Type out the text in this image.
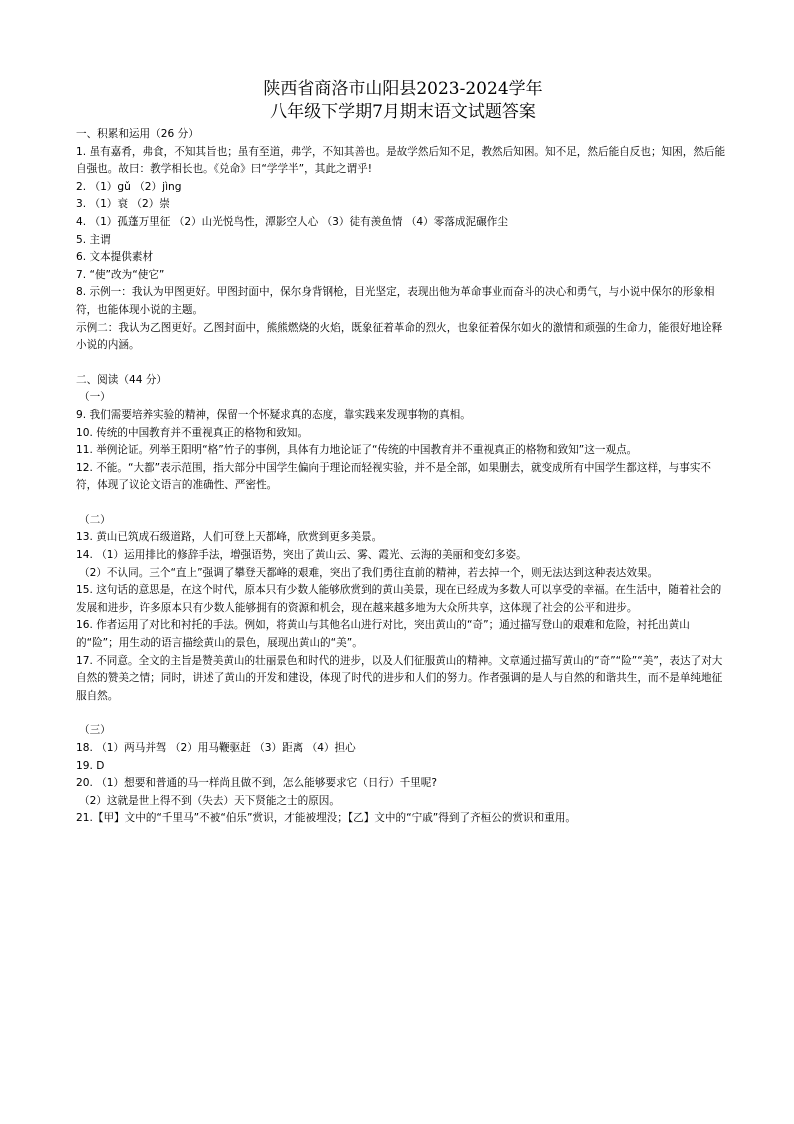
陕西省商洛市山阳县2023-2024学年
八年级下学期7月期末语文试题答案

一、积累和运用（26 分）

1. 虽有嘉肴，弗食，不知其旨也；虽有至道，弗学，不知其善也。是故学然后知不足，教然后知困。知不足，然后能自反也；知困，然后能自强也。故曰：教学相长也。《兑命》曰“学学半”，其此之谓乎!

2. （1）gǔ （2）jìng

3. （1）衰 （2）崇

4. （1）孤蓬万里征 （2）山光悦鸟性，潭影空人心 （3）徒有羡鱼情 （4）零落成泥碾作尘

5. 主谓

6. 文本提供素材

7. “使”改为“使它”

8. 示例一：我认为甲图更好。甲图封面中，保尔身背钢枪，目光坚定，表现出他为革命事业而奋斗的决心和勇气，与小说中保尔的形象相符，也能体现小说的主题。

示例二：我认为乙图更好。乙图封面中，熊熊燃烧的火焰，既象征着革命的烈火，也象征着保尔如火的激情和顽强的生命力，能很好地诠释小说的内涵。

二、阅读（44 分）

（一）

9. 我们需要培养实验的精神，保留一个怀疑求真的态度，靠实践来发现事物的真相。

10. 传统的中国教育并不重视真正的格物和致知。

11. 举例论证。列举王阳明“格”竹子的事例，具体有力地论证了“传统的中国教育并不重视真正的格物和致知”这一观点。

12. 不能。“大都”表示范围，指大部分中国学生偏向于理论而轻视实验，并不是全部，如果删去，就变成所有中国学生都这样，与事实不符，体现了议论文语言的准确性、严密性。

（二）

13. 黄山已筑成石级道路，人们可登上天都峰，欣赏到更多美景。

14. （1）运用排比的修辞手法，增强语势，突出了黄山云、雾、霞光、云海的美丽和变幻多姿。

（2）不认同。三个“直上”强调了攀登天都峰的艰难，突出了我们勇往直前的精神，若去掉一个，则无法达到这种表达效果。

15. 这句话的意思是，在这个时代，原本只有少数人能够欣赏到的黄山美景，现在已经成为多数人可以享受的幸福。在生活中，随着社会的发展和进步，许多原本只有少数人能够拥有的资源和机会，现在越来越多地为大众所共享，这体现了社会的公平和进步。

16. 作者运用了对比和衬托的手法。例如，将黄山与其他名山进行对比，突出黄山的“奇”；通过描写登山的艰难和危险，衬托出黄山的“险”；用生动的语言描绘黄山的景色，展现出黄山的“美”。

17. 不同意。全文的主旨是赞美黄山的壮丽景色和时代的进步，以及人们征服黄山的精神。文章通过描写黄山的“奇”“险”“美”，表达了对大自然的赞美之情；同时，讲述了黄山的开发和建设，体现了时代的进步和人们的努力。作者强调的是人与自然的和谐共生，而不是单纯地征服自然。

（三）

18. （1）两马并驾 （2）用马鞭驱赶 （3）距离 （4）担心

19. D

20. （1）想要和普通的马一样尚且做不到，怎么能够要求它（日行）千里呢?

（2）这就是世上得不到（失去）天下贤能之士的原因。

21.【甲】文中的“千里马”不被“伯乐”赏识，才能被埋没；【乙】文中的“宁戚”得到了齐桓公的赏识和重用。
